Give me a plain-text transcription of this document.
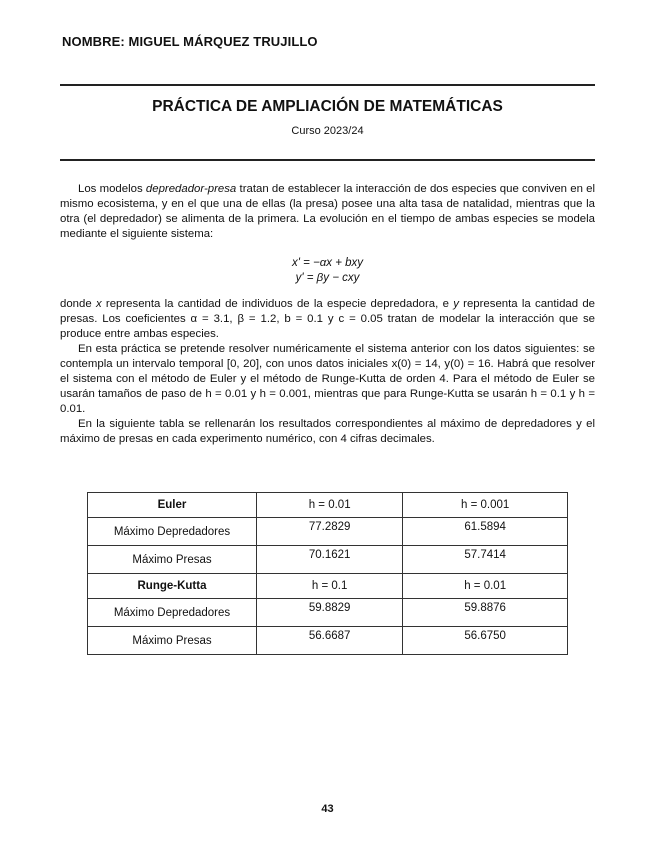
NOMBRE: MIGUEL MÁRQUEZ TRUJILLO
PRÁCTICA DE AMPLIACIÓN DE MATEMÁTICAS
Curso 2023/24

Los modelos depredador-presa tratan de establecer la interacción de dos especies que conviven en el mismo ecosistema, y en el que una de ellas (la presa) posee una alta tasa de natalidad, mientras que la otra (el depredador) se alimenta de la primera. La evolución en el tiempo de ambas especies se modela mediante el siguiente sistema:

x' = −αx + bxy
y' = βy − cxy

donde x representa la cantidad de individuos de la especie depredadora, e y representa la cantidad de presas. Los coeficientes α = 3.1, β = 1.2, b = 0.1 y c = 0.05 tratan de modelar la interacción que se produce entre ambas especies.

En esta práctica se pretende resolver numéricamente el sistema anterior con los datos siguientes: se contempla un intervalo temporal [0, 20], con unos datos iniciales x(0) = 14, y(0) = 16. Habrá que resolver el sistema con el método de Euler y el método de Runge-Kutta de orden 4. Para el método de Euler se usarán tamaños de paso de h = 0.01 y h = 0.001, mientras que para Runge-Kutta se usarán h = 0.1 y h = 0.01.

En la siguiente tabla se rellenarán los resultados correspondientes al máximo de depredadores y el máximo de presas en cada experimento numérico, con 4 cifras decimales.

Euler	h = 0.01	h = 0.001
Máximo Depredadores	77.2829	61.5894
Máximo Presas	70.1621	57.7414
Runge-Kutta	h = 0.1	h = 0.01
Máximo Depredadores	59.8829	59.8876
Máximo Presas	56.6687	56.6750
43
